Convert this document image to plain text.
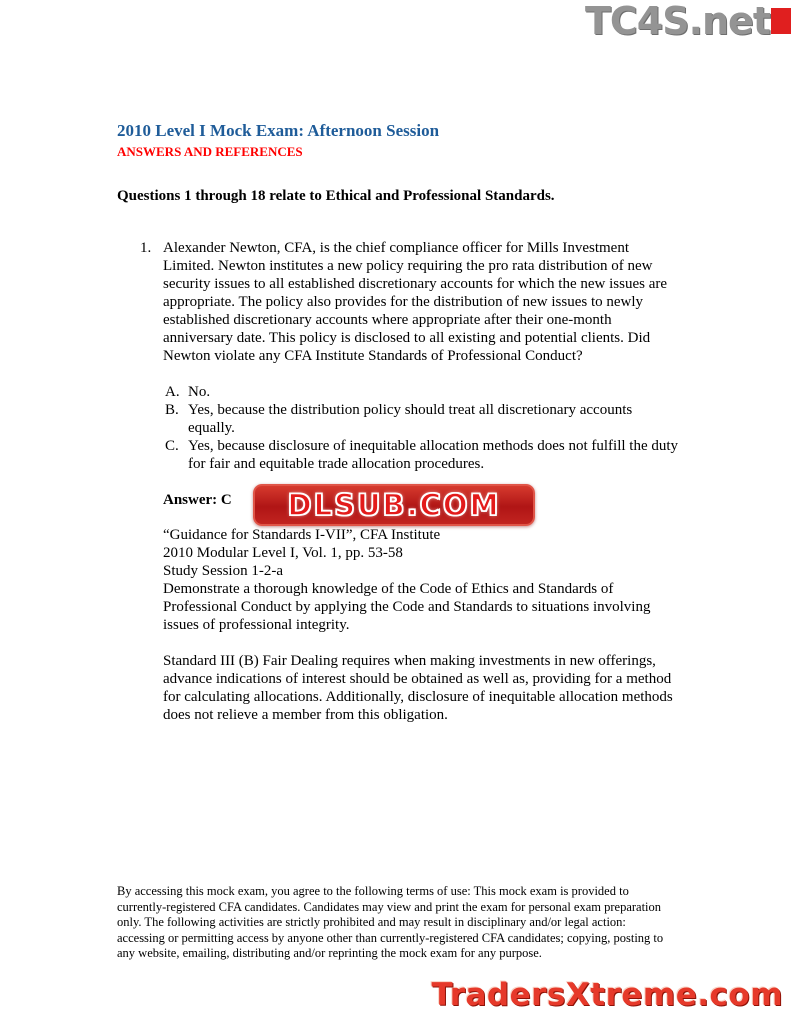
TC4S.net
2010 Level I Mock Exam: Afternoon Session
ANSWERS AND REFERENCES

Questions 1 through 18 relate to Ethical and Professional Standards.

1. Alexander Newton, CFA, is the chief compliance officer for Mills Investment Limited. Newton institutes a new policy requiring the pro rata distribution of new security issues to all established discretionary accounts for which the new issues are appropriate. The policy also provides for the distribution of new issues to newly established discretionary accounts where appropriate after their one-month anniversary date. This policy is disclosed to all existing and potential clients. Did Newton violate any CFA Institute Standards of Professional Conduct?
A. No.
B. Yes, because the distribution policy should treat all discretionary accounts equally.
C. Yes, because disclosure of inequitable allocation methods does not fulfill the duty for fair and equitable trade allocation procedures.

Answer: C

“Guidance for Standards I-VII”, CFA Institute

2010 Modular Level I, Vol. 1, pp. 53-58

Study Session 1-2-a

Demonstrate a thorough knowledge of the Code of Ethics and Standards of Professional Conduct by applying the Code and Standards to situations involving issues of professional integrity.

Standard III (B) Fair Dealing requires when making investments in new offerings, advance indications of interest should be obtained as well as, providing for a method for calculating allocations. Additionally, disclosure of inequitable allocation methods does not relieve a member from this obligation.

DLSUB.COM

By accessing this mock exam, you agree to the following terms of use: This mock exam is provided to currently-registered CFA candidates. Candidates may view and print the exam for personal exam preparation only. The following activities are strictly prohibited and may result in disciplinary and/or legal action: accessing or permitting access by anyone other than currently-registered CFA candidates; copying, posting to any website, emailing, distributing and/or reprinting the mock exam for any purpose.

TradersXtreme.com
